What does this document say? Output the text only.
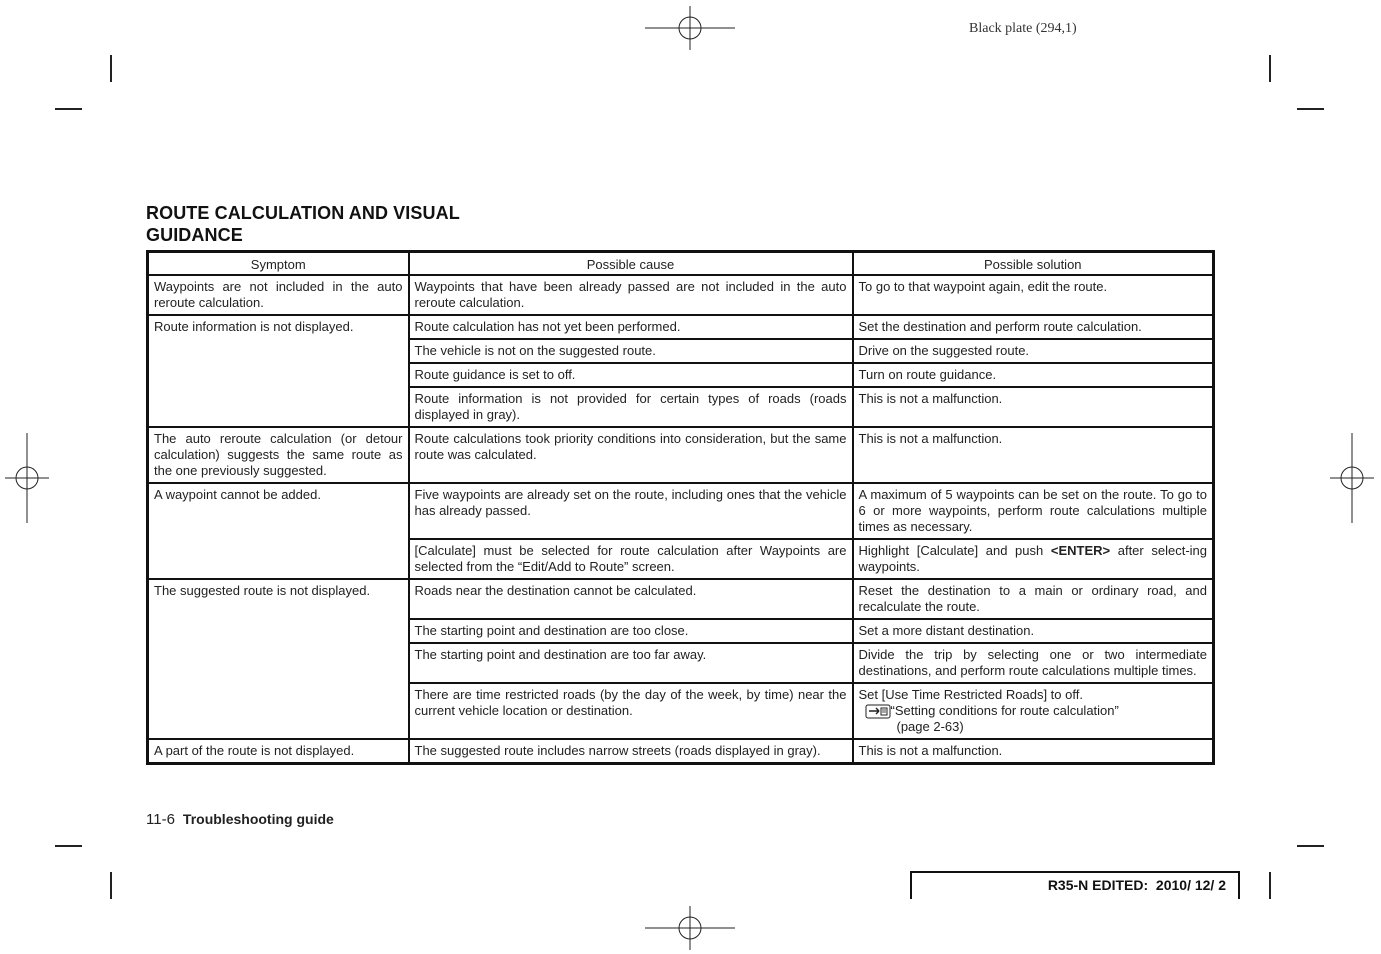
Black plate (294,1)
ROUTE CALCULATION AND VISUAL
GUIDANCE
Symptom	Possible cause	Possible solution
Waypoints are not included in the auto reroute calculation.	Waypoints that have been already passed are not included in the auto reroute calculation.	To go to that waypoint again, edit the route.
Route information is not displayed.	Route calculation has not yet been performed.	Set the destination and perform route calculation.
	The vehicle is not on the suggested route.	Drive on the suggested route.
	Route guidance is set to off.	Turn on route guidance.
	Route information is not provided for certain types of roads (roads displayed in gray).	This is not a malfunction.
The auto reroute calculation (or detour calculation) suggests the same route as the one previously suggested.	Route calculations took priority conditions into consideration, but the same route was calculated.	This is not a malfunction.
A waypoint cannot be added.	Five waypoints are already set on the route, including ones that the vehicle has already passed.	A maximum of 5 waypoints can be set on the route. To go to 6 or more waypoints, perform route calculations multiple times as necessary.
	[Calculate] must be selected for route calculation after Waypoints are selected from the “Edit/Add to Route” screen.	Highlight [Calculate] and push <ENTER> after select-ing waypoints.
The suggested route is not displayed.	Roads near the destination cannot be calculated.	Reset the destination to a main or ordinary road, and recalculate the route.
	The starting point and destination are too close.	Set a more distant destination.
	The starting point and destination are too far away.	Divide the trip by selecting one or two intermediate destinations, and perform route calculations multiple times.
	There are time restricted roads (by the day of the week, by time) near the current vehicle location or destination.	Set [Use Time Restricted Roads] to off.
“Setting conditions for route calculation”
(page 2-63)

A part of the route is not displayed.	The suggested route includes narrow streets (roads displayed in gray).	This is not a malfunction.
11-6 Troubleshooting guide
R35-N EDITED:  2010/ 12/ 2
